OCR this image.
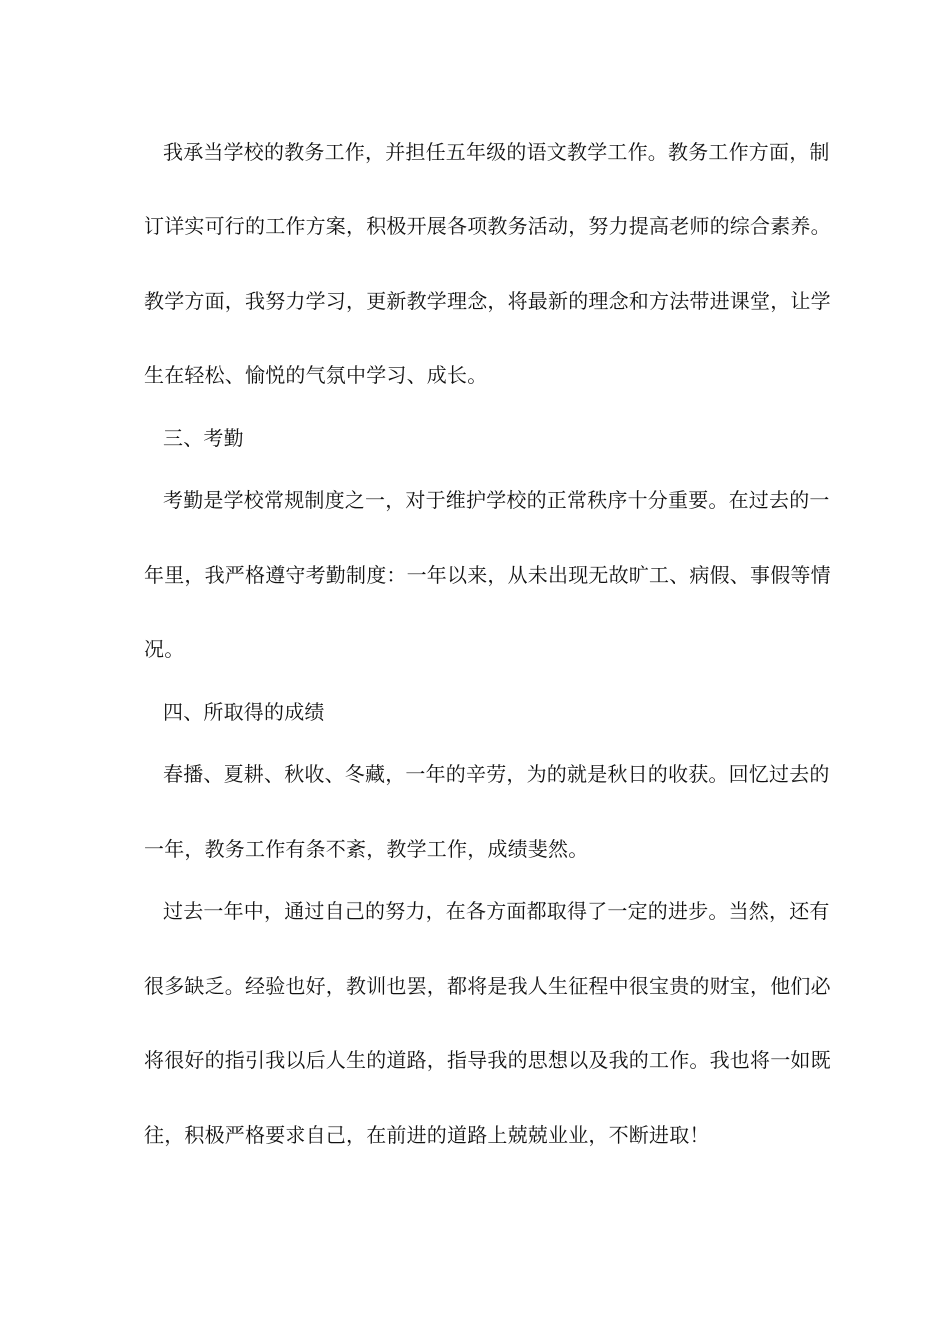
我承当学校的教务工作，并担任五年级的语文教学工作。教务工作方面，制
订详实可行的工作方案，积极开展各项教务活动，努力提高老师的综合素养。
教学方面，我努力学习，更新教学理念，将最新的理念和方法带进课堂，让学
生在轻松、愉悦的气氛中学习、成长。
三、考勤
考勤是学校常规制度之一，对于维护学校的正常秩序十分重要。在过去的一
年里，我严格遵守考勤制度：一年以来，从未出现无故旷工、病假、事假等情
况。
四、所取得的成绩
春播、夏耕、秋收、冬藏，一年的辛劳，为的就是秋日的收获。回忆过去的
一年，教务工作有条不紊，教学工作，成绩斐然。
过去一年中，通过自己的努力，在各方面都取得了一定的进步。当然，还有
很多缺乏。经验也好，教训也罢，都将是我人生征程中很宝贵的财宝，他们必
将很好的指引我以后人生的道路，指导我的思想以及我的工作。我也将一如既
往，积极严格要求自己，在前进的道路上兢兢业业，不断进取！
